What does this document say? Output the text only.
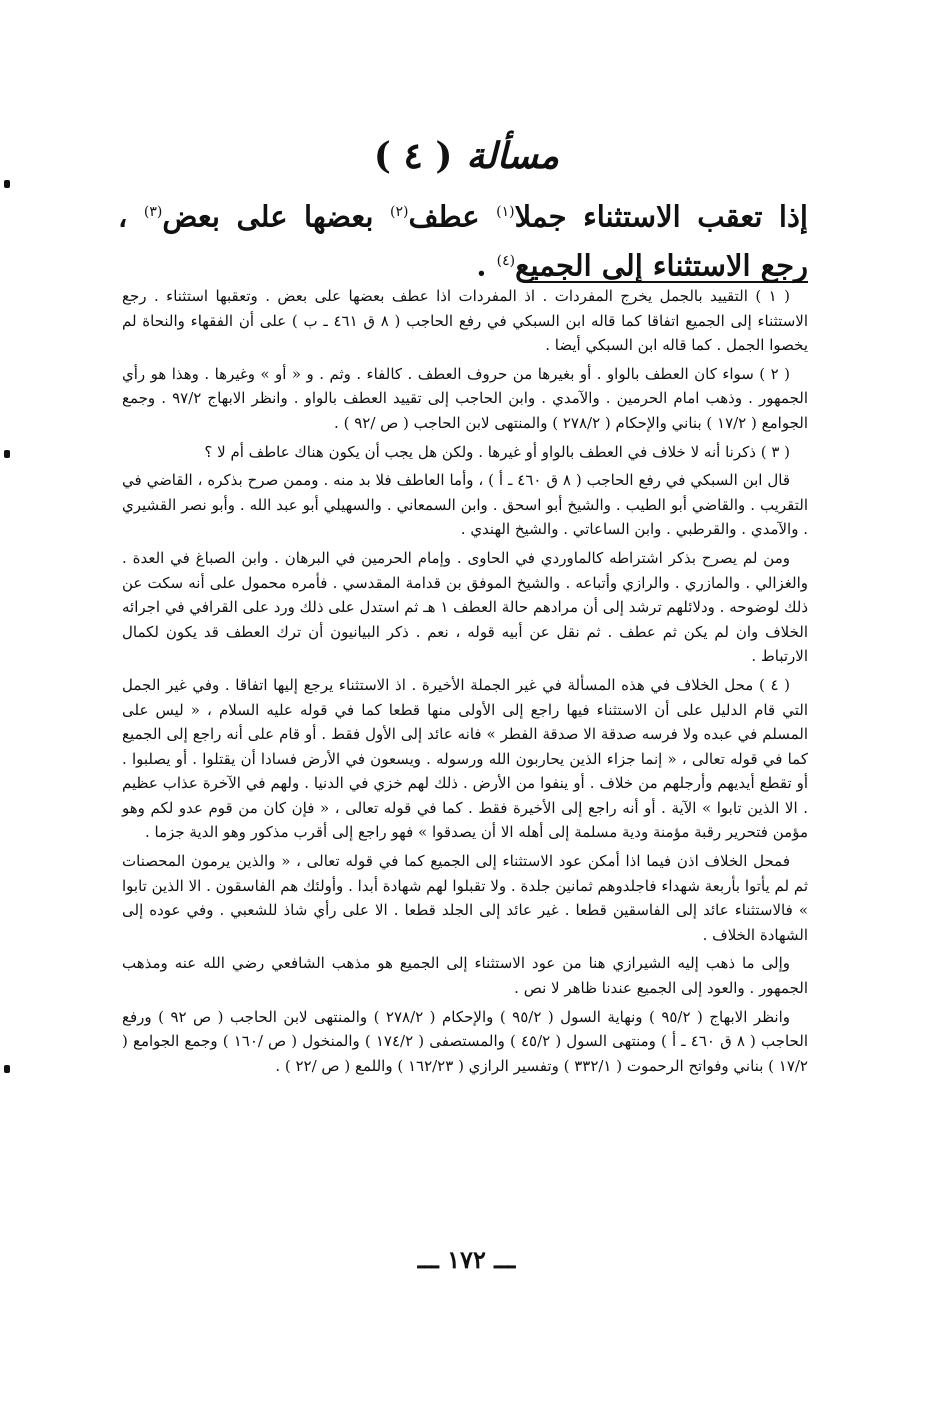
مسألة( ٤ )
إذا تعقب الاستثناء جملا$^{(١)}$ عطف$^{(٢)}$ بعضها على بعض$^{(٣)}$ ، رجع الاستثناء إلى الجميع$^{(٤)}$ .

( ١ ) التقييد بالجمل يخرج المفردات . اذ المفردات اذا عطف بعضها على بعض . وتعقبها استثناء . رجع الاستثناء إلى الجميع اتفاقا كما قاله ابن السبكي في رفع الحاجب ( ٨ ق ٤٦١ ـ ب ) على أن الفقهاء والنحاة لم يخصوا الجمل . كما قاله ابن السبكي أيضا .

( ٢ ) سواء كان العطف بالواو . أو بغيرها من حروف العطف . كالفاء . وثم . و « أو » وغيرها . وهذا هو رأي الجمهور . وذهب امام الحرمين . والآمدي . وابن الحاجب إلى تقييد العطف بالواو . وانظر الابهاج ٩٧/٢ . وجمع الجوامع ( ١٧/٢ ) بناني والإحكام ( ٢٧٨/٢ ) والمنتهى لابن الحاجب ( ص /٩٢ ) .

( ٣ ) ذكرنا أنه لا خلاف في العطف بالواو أو غيرها . ولكن هل يجب أن يكون هناك عاطف أم لا ؟

قال ابن السبكي في رفع الحاجب ( ٨ ق ٤٦٠ ـ أ ) ، وأما العاطف فلا بد منه . وممن صرح بذكره ، القاضي في التقريب . والقاضي أبو الطيب . والشيخ أبو اسحق . وابن السمعاني . والسهيلي أبو عبد الله . وأبو نصر القشيري . والآمدي . والقرطبي . وابن الساعاتي . والشيخ الهندي .

ومن لم يصرح بذكر اشتراطه كالماوردي في الحاوى . وإمام الحرمين في البرهان . وابن الصباغ في العدة . والغزالي . والمازري . والرازي وأتباعه . والشيخ الموفق بن قدامة المقدسي . فأمره محمول على أنه سكت عن ذلك لوضوحه . ودلائلهم ترشد إلى أن مرادهم حالة العطف ١ هـ ثم استدل على ذلك ورد على القرافي في اجرائه الخلاف وان لم يكن ثم عطف . ثم نقل عن أبيه قوله ، نعم . ذكر البيانيون أن ترك العطف قد يكون لكمال الارتباط .

( ٤ ) محل الخلاف في هذه المسألة في غير الجملة الأخيرة . اذ الاستثناء يرجع إليها اتفاقا . وفي غير الجمل التي قام الدليل على أن الاستثناء فيها راجع إلى الأولى منها قطعا كما في قوله عليه السلام ، « ليس على المسلم في عبده ولا فرسه صدقة الا صدقة الفطر » فانه عائد إلى الأول فقط . أو قام على أنه راجع إلى الجميع كما في قوله تعالى ، « إنما جزاء الذين يحاربون الله ورسوله . ويسعون في الأرض فسادا أن يقتلوا . أو يصلبوا . أو تقطع أيديهم وأرجلهم من خلاف . أو ينفوا من الأرض . ذلك لهم خزي في الدنيا . ولهم في الآخرة عذاب عظيم . الا الذين تابوا » الآية . أو أنه راجع إلى الأخيرة فقط . كما في قوله تعالى ، « فإن كان من قوم عدو لكم وهو مؤمن فتحرير رقبة مؤمنة ودية مسلمة إلى أهله الا أن يصدقوا » فهو راجع إلى أقرب مذكور وهو الدية جزما .

فمحل الخلاف اذن فيما اذا أمكن عود الاستثناء إلى الجميع كما في قوله تعالى ، « والذين يرمون المحصنات ثم لم يأتوا بأربعة شهداء فاجلدوهم ثمانين جلدة . ولا تقبلوا لهم شهادة أبدا . وأولئك هم الفاسقون . الا الذين تابوا » فالاستثناء عائد إلى الفاسقين قطعا . غير عائد إلى الجلد قطعا . الا على رأي شاذ للشعبي . وفي عوده إلى الشهادة الخلاف .

وإلى ما ذهب إليه الشيرازي هنا من عود الاستثناء إلى الجميع هو مذهب الشافعي رضي الله عنه ومذهب الجمهور . والعود إلى الجميع عندنا ظاهر لا نص .

وانظر الابهاج ( ٩٥/٢ ) ونهاية السول ( ٩٥/٢ ) والإحكام ( ٢٧٨/٢ ) والمنتهى لابن الحاجب ( ص ٩٢ ) ورفع الحاجب ( ٨ ق ٤٦٠ ـ أ ) ومنتهى السول ( ٤٥/٢ ) والمستصفى ( ١٧٤/٢ ) والمنخول ( ص /١٦٠ ) وجمع الجوامع ( ١٧/٢ ) بناني وفواتح الرحموت ( ٣٣٢/١ ) وتفسير الرازي ( ١٦٢/٢٣ ) واللمع ( ص /٢٢ ) .

ـــ ١٧٢ ـــ
